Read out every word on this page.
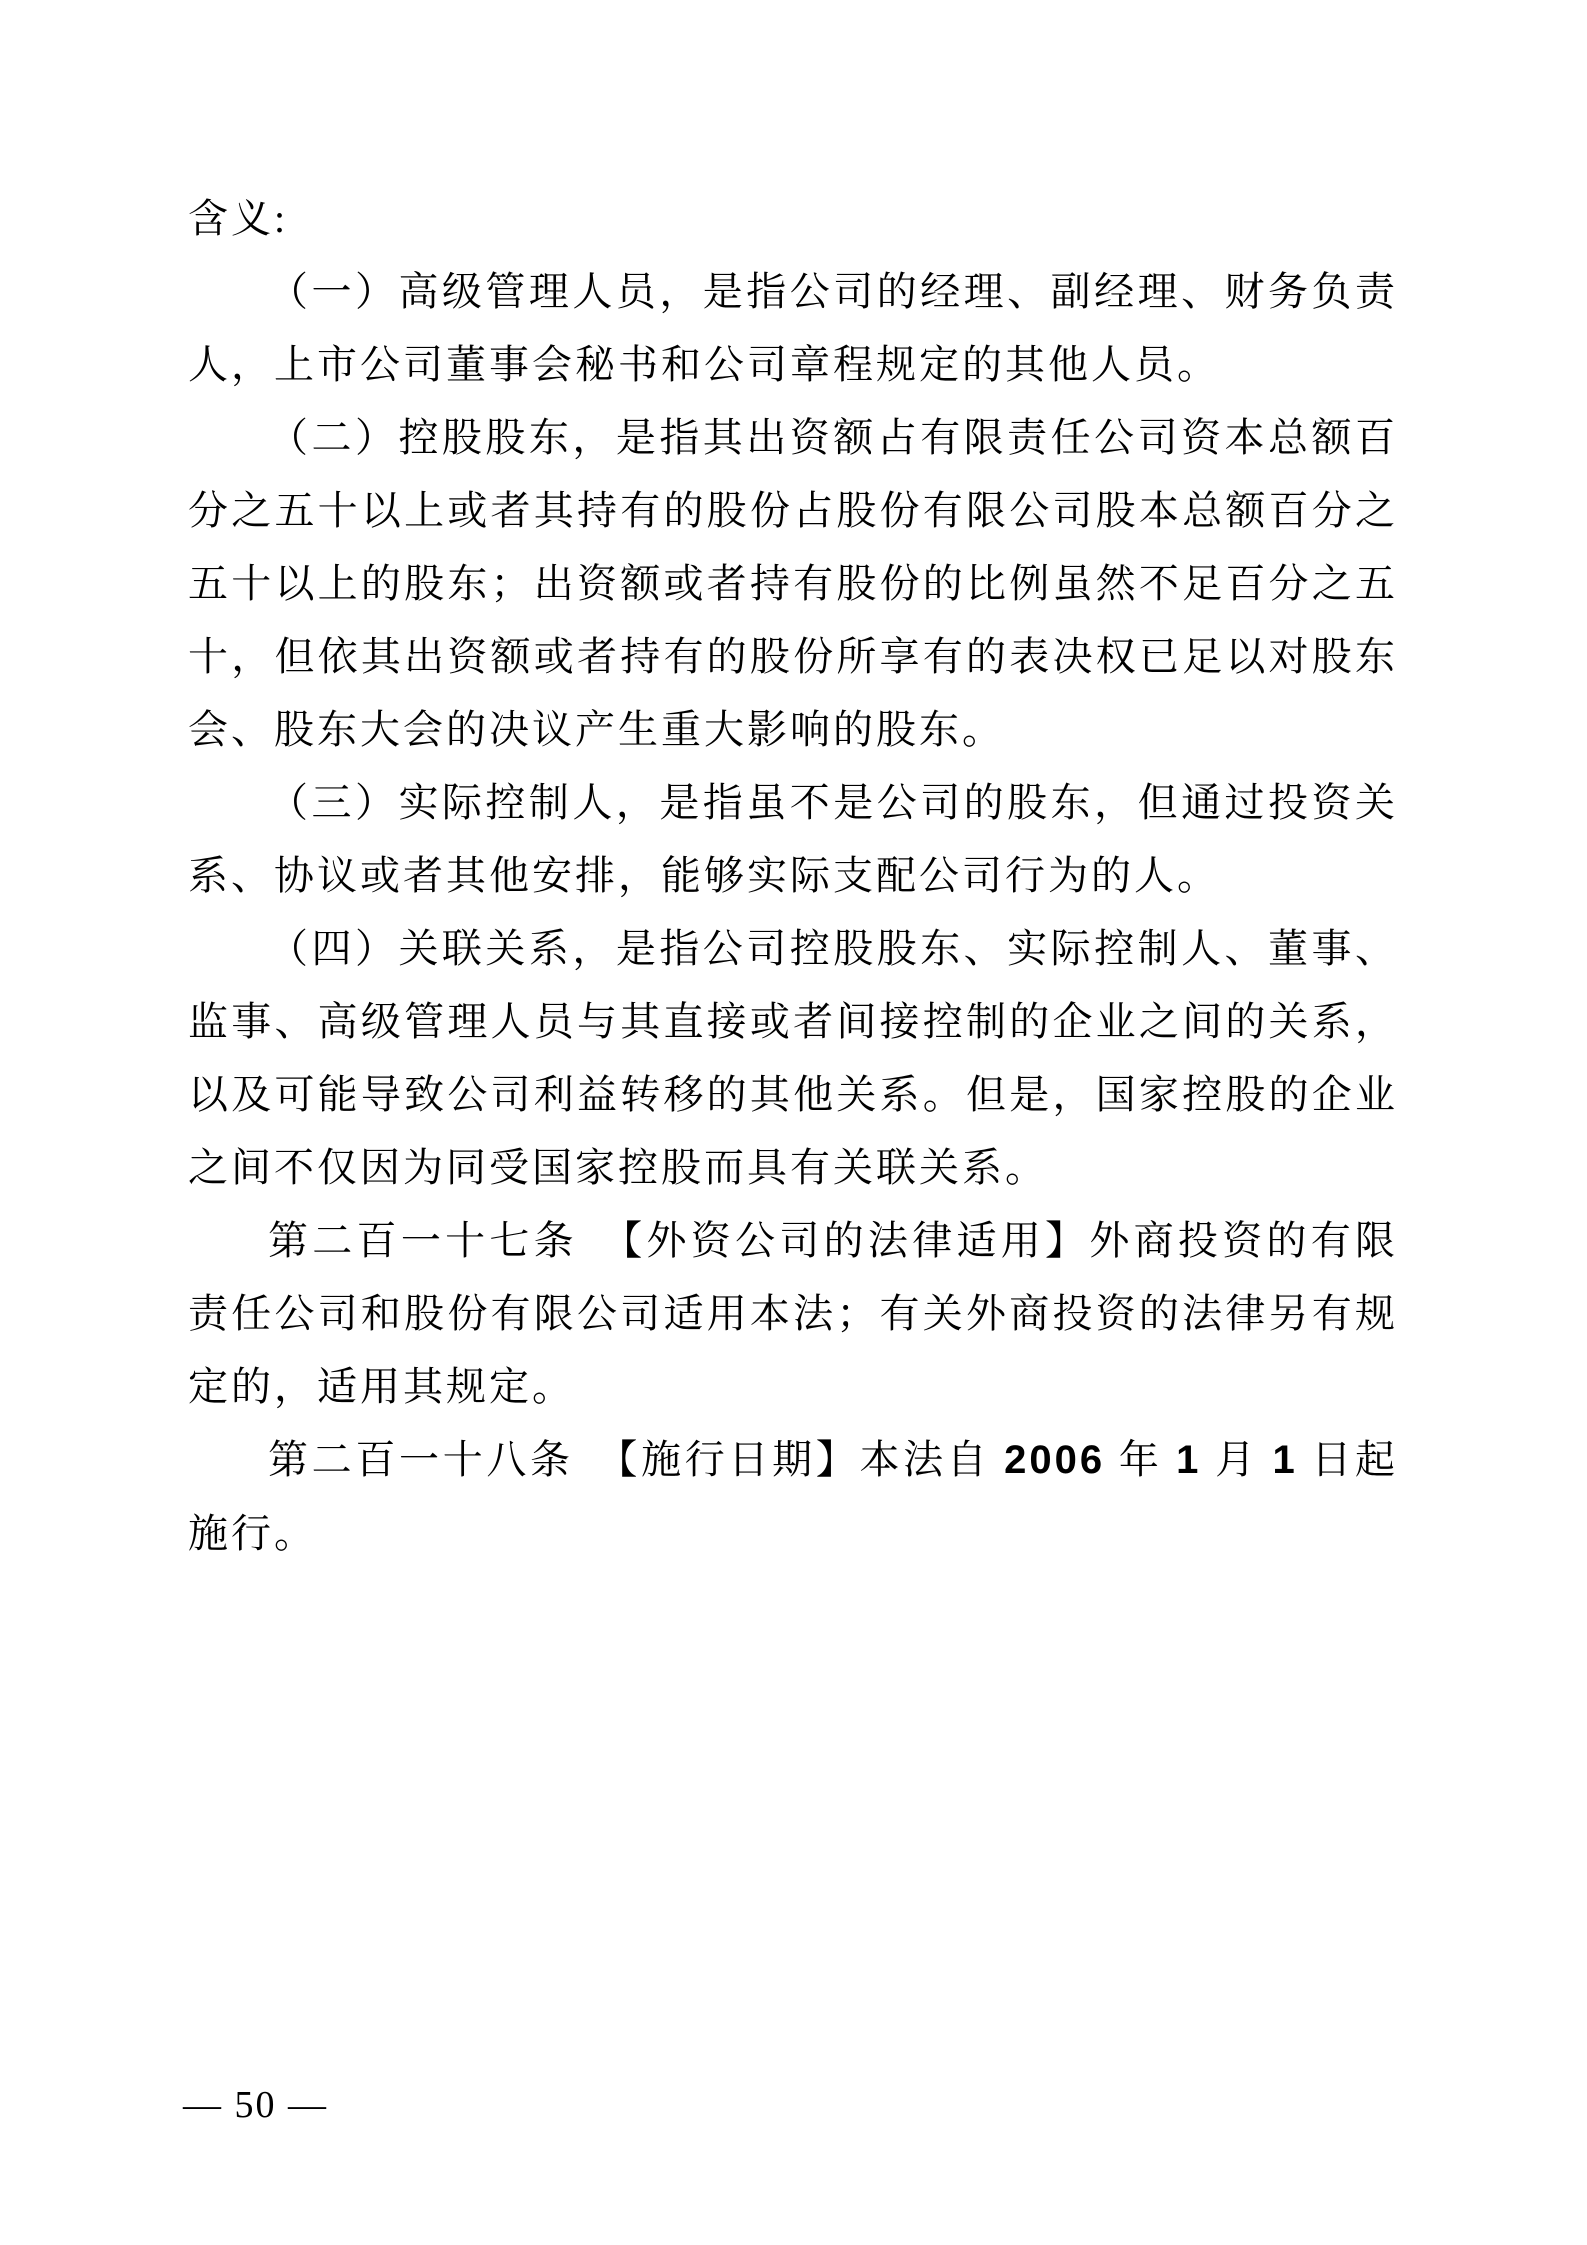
含义:

（一）高级管理人员，是指公司的经理、副经理、财务负责人，上市公司董事会秘书和公司章程规定的其他人员。

（二）控股股东，是指其出资额占有限责任公司资本总额百分之五十以上或者其持有的股份占股份有限公司股本总额百分之五十以上的股东；出资额或者持有股份的比例虽然不足百分之五十，但依其出资额或者持有的股份所享有的表决权已足以对股东会、股东大会的决议产生重大影响的股东。

（三）实际控制人，是指虽不是公司的股东，但通过投资关系、协议或者其他安排，能够实际支配公司行为的人。

（四）关联关系，是指公司控股股东、实际控制人、董事、监事、高级管理人员与其直接或者间接控制的企业之间的关系，以及可能导致公司利益转移的其他关系。但是，国家控股的企业之间不仅因为同受国家控股而具有关联关系。

第二百一十七条　 【外资公司的法律适用】外商投资的有限责任公司和股份有限公司适用本法；有关外商投资的法律另有规定的，适用其规定。

第二百一十八条　 【施行日期】本法自 2006 年 1 月 1 日起施行。

— 50 —
